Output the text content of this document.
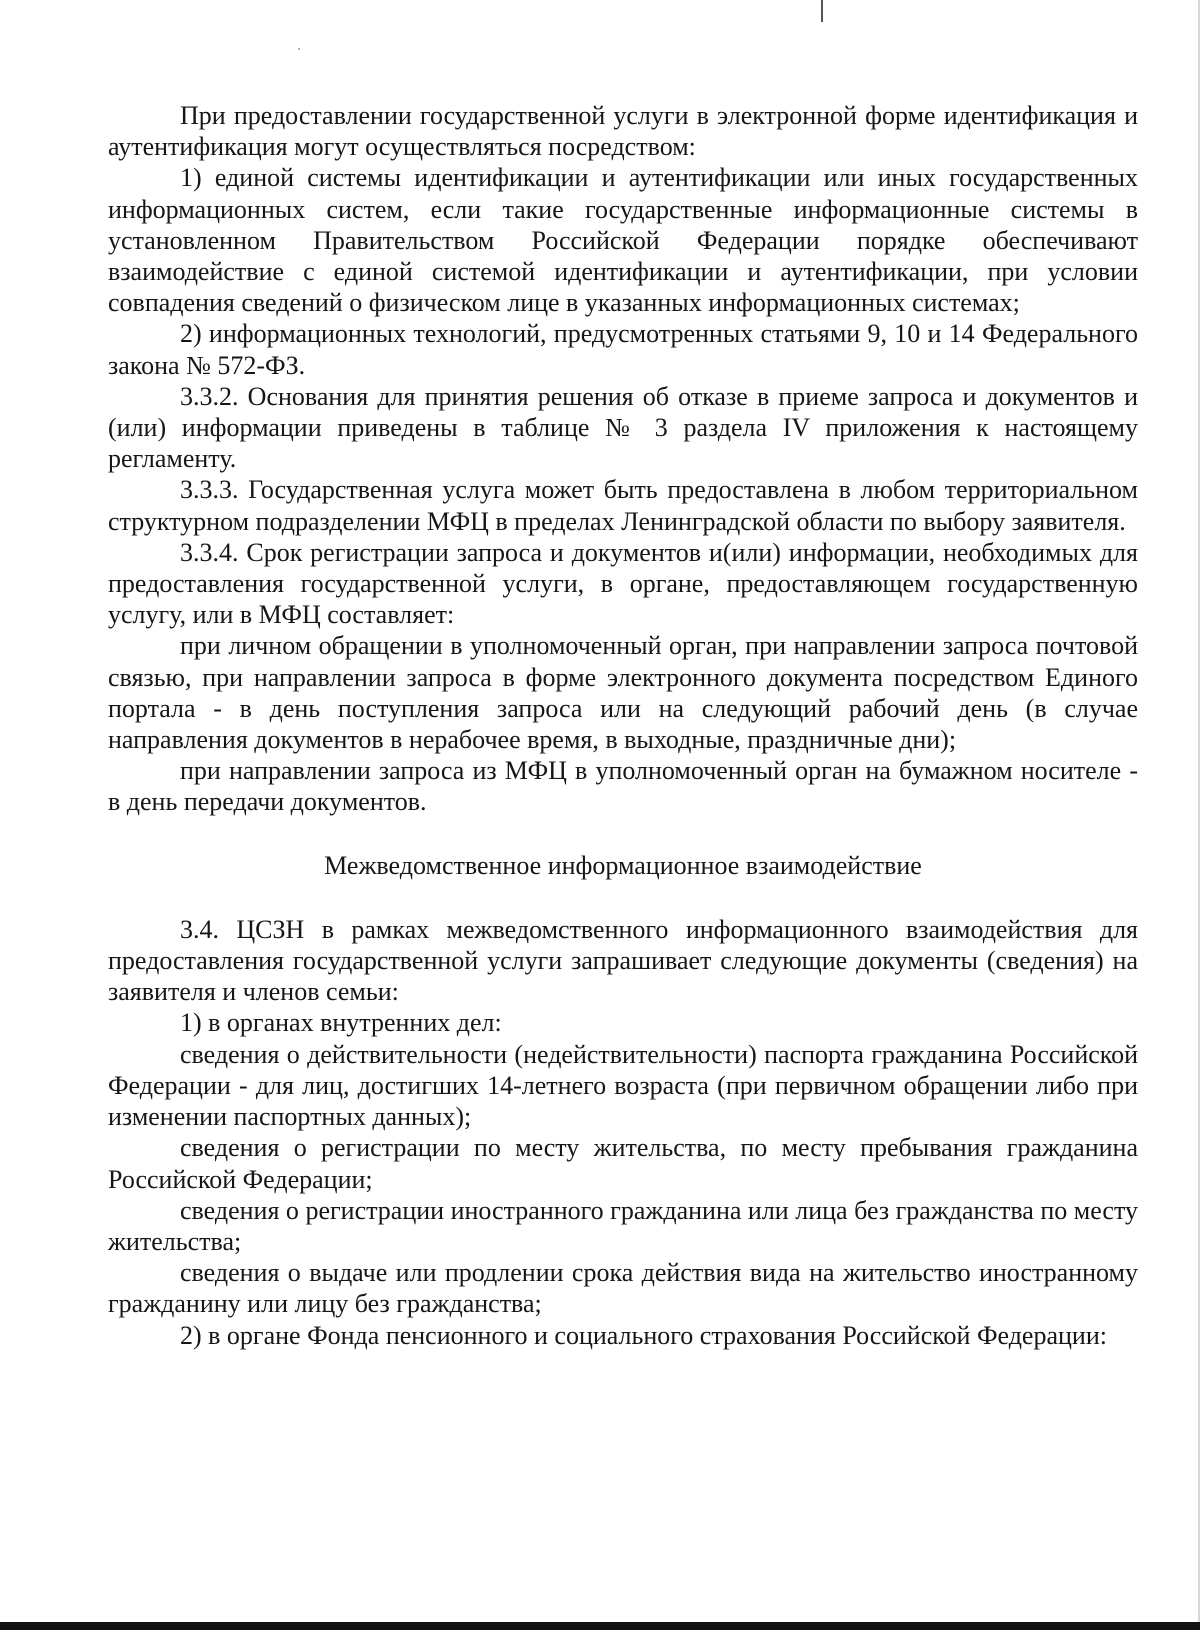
При предоставлении государственной услуги в электронной форме идентификация и аутентификация могут осуществляться посредством:

1) единой системы идентификации и аутентификации или иных государственных информационных систем, если такие государственные информационные системы в установленном Правительством Российской Федерации порядке обеспечивают взаимодействие с единой системой идентификации и аутентификации, при условии совпадения сведений о физическом лице в указанных информационных системах;

2) информационных технологий, предусмотренных статьями 9, 10 и 14 Федерального закона № 572-ФЗ.

3.3.2. Основания для принятия решения об отказе в приеме запроса и документов и (или) информации приведены в таблице № 3 раздела IV приложения к настоящему регламенту.

3.3.3. Государственная услуга может быть предоставлена в любом территориальном структурном подразделении МФЦ в пределах Ленинградской области по выбору заявителя.

3.3.4. Срок регистрации запроса и документов и(или) информации, необходимых для предоставления государственной услуги, в органе, предоставляющем государственную услугу, или в МФЦ составляет:

при личном обращении в уполномоченный орган, при направлении запроса почтовой связью, при направлении запроса в форме электронного документа посредством Единого портала - в день поступления запроса или на следующий рабочий день (в случае направления документов в нерабочее время, в выходные, праздничные дни);

при направлении запроса из МФЦ в уполномоченный орган на бумажном носителе - в день передачи документов.

Межведомственное информационное взаимодействие

3.4. ЦСЗН в рамках межведомственного информационного взаимодействия для предоставления государственной услуги запрашивает следующие документы (сведения) на заявителя и членов семьи:

1) в органах внутренних дел:

сведения о действительности (недействительности) паспорта гражданина Российской Федерации - для лиц, достигших 14-летнего возраста (при первичном обращении либо при изменении паспортных данных);

сведения о регистрации по месту жительства, по месту пребывания гражданина Российской Федерации;

сведения о регистрации иностранного гражданина или лица без гражданства по месту жительства;

сведения о выдаче или продлении срока действия вида на жительство иностранному гражданину или лицу без гражданства;

2) в органе Фонда пенсионного и социального страхования Российской Федерации:
